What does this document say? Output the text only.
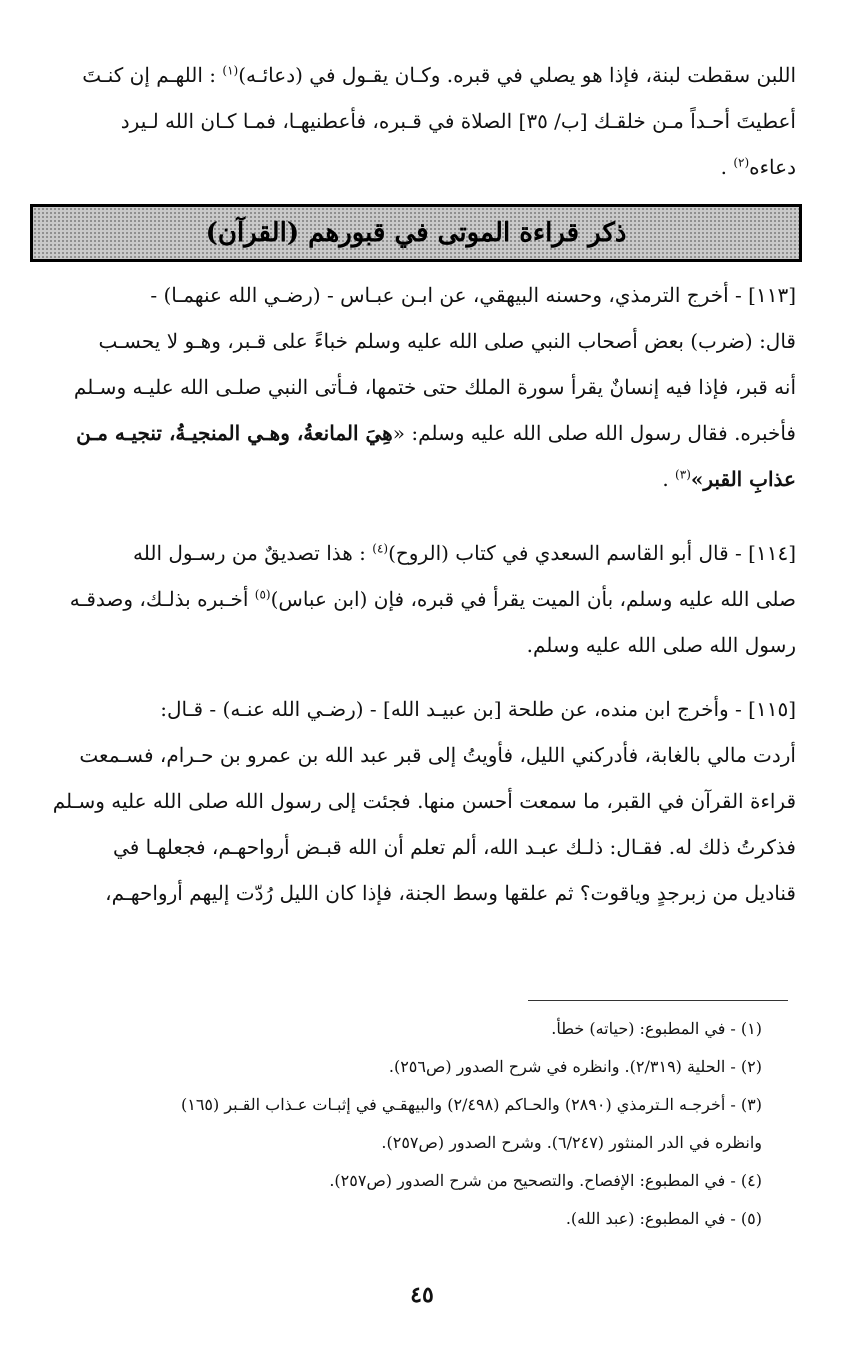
اللبن سقطت لبنة، فإذا هو يصلي في قبره. وكـان يقـول في (دعائـه)$^{(١)}$ : اللهـم إن كنـتَ
أعطيتَ أحـداً مـن خلقـك [ب/ ٣٥] الصلاة في قـبره، فأعطنيهـا، فمـا كـان الله لـيرد
دعاءه$^{(٢)}$ .
ذكر قراءة الموتى في قبورهم (القرآن)
[١١٣] - أخرج الترمذي، وحسنه البيهقي، عن ابـن عبـاس - (رضـي الله عنهمـا) -
قال: (ضرب) بعض أصحاب النبي صلى الله عليه وسلم خباءً على قـبر، وهـو لا يحسـب
أنه قبر، فإذا فيه إنسانٌ يقرأ سورة الملك حتى ختمها، فـأتى النبي صلـى الله عليـه وسـلم
فأخبره. فقال رسول الله صلى الله عليه وسلم: «هِيَ المانعةُ، وهـي المنجيـةُ، تنجيـه مـن
عذابِ القبر»$^{(٣)}$ .
[١١٤] - قال أبو القاسم السعدي في كتاب (الروح)$^{(٤)}$ : هذا تصديقٌ من رسـول الله
صلى الله عليه وسلم، بأن الميت يقرأ في قبره، فإن (ابن عباس)$^{(٥)}$ أخـبره بذلـك، وصدقـه
رسول الله صلى الله عليه وسلم.
[١١٥] - وأخرج ابن منده، عن طلحة [بن عبيـد الله] - (رضـي الله عنـه) - قـال:
أردت مالي بالغابة، فأدركني الليل، فأويتُ إلى قبر عبد الله بن عمرو بن حـرام، فسـمعت
قراءة القرآن في القبر، ما سمعت أحسن منها. فجئت إلى رسول الله صلى الله عليه وسـلم
فذكرتُ ذلك له. فقـال: ذلـك عبـد الله، ألم تعلم أن الله قبـض أرواحهـم، فجعلهـا في
قناديل من زبرجدٍ وياقوت؟ ثم علقها وسط الجنة، فإذا كان الليل رُدّت إليهم أرواحهـم،
(١) - في المطبوع: (حياته) خطأ.
(٢) - الحلية (٢/٣١٩). وانظره في شرح الصدور (ص٢٥٦).
(٣) - أخرجـه الـترمذي (٢٨٩٠) والحـاكم (٢/٤٩٨) والبيهقـي في إثبـات عـذاب القـبر (١٦٥)
وانظره في الدر المنثور (٦/٢٤٧). وشرح الصدور (ص٢٥٧).
(٤) - في المطبوع: الإفصاح. والتصحيح من شرح الصدور (ص٢٥٧).
(٥) - في المطبوع: (عبد الله).
٤٥
